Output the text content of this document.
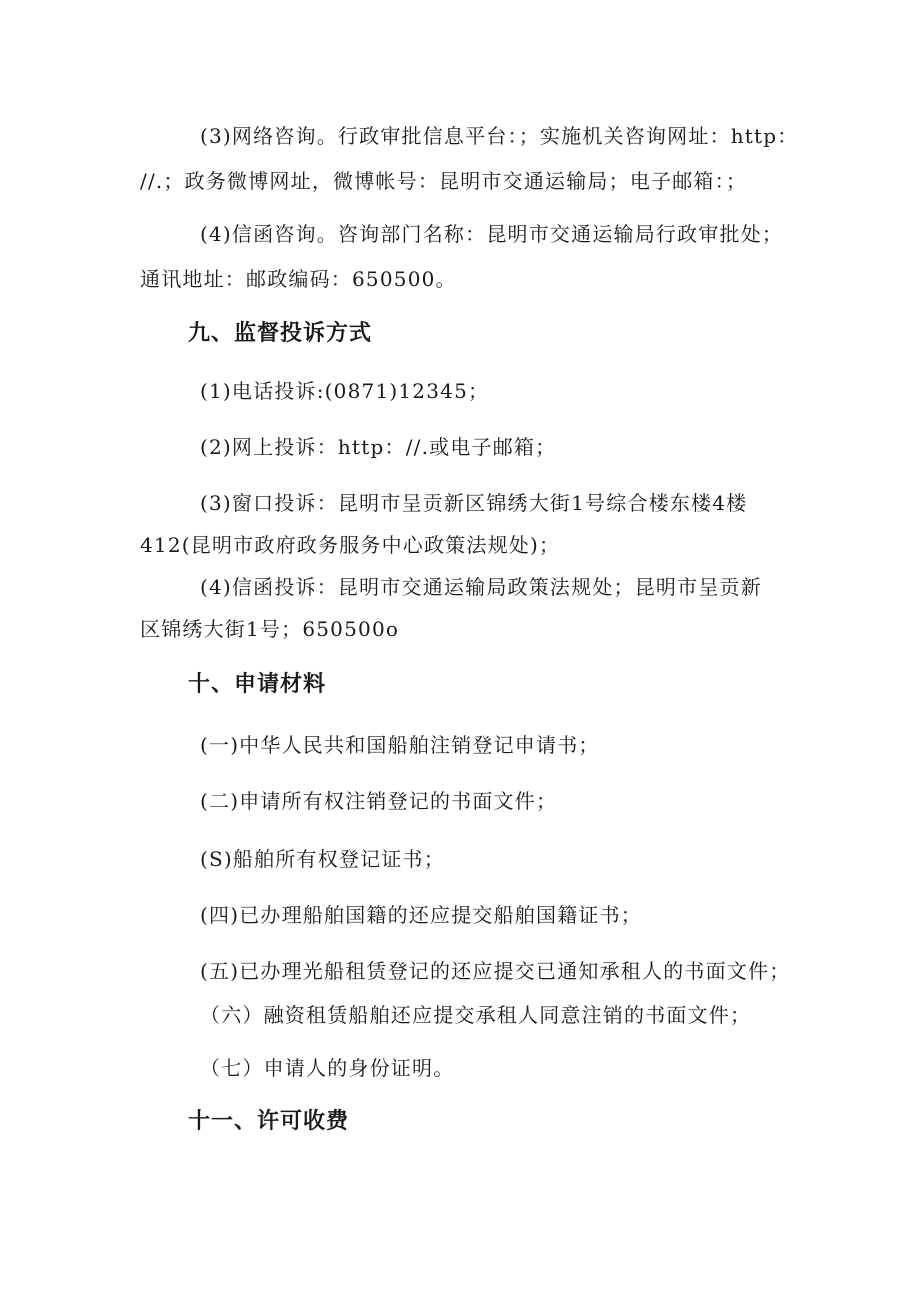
(3)网络咨询。行政审批信息平台：；实施机关咨询网址：http：
//.；政务微博网址，微博帐号：昆明市交通运输局；电子邮箱：；
(4)信函咨询。咨询部门名称：昆明市交通运输局行政审批处；
通讯地址：邮政编码：650500。
九、监督投诉方式
(1)电话投诉:(0871)12345；
(2)网上投诉：http：//.或电子邮箱；
(3)窗口投诉：昆明市呈贡新区锦绣大街1号综合楼东楼4楼
412(昆明市政府政务服务中心政策法规处)；
(4)信函投诉：昆明市交通运输局政策法规处；昆明市呈贡新
区锦绣大街1号；650500o
十、申请材料
(一)中华人民共和国船舶注销登记申请书；
(二)申请所有权注销登记的书面文件；
(S)船舶所有权登记证书；
(四)已办理船舶国籍的还应提交船舶国籍证书；
(五)已办理光船租赁登记的还应提交已通知承租人的书面文件；
（六）融资租赁船舶还应提交承租人同意注销的书面文件；
（七）申请人的身份证明。
十一、许可收费
